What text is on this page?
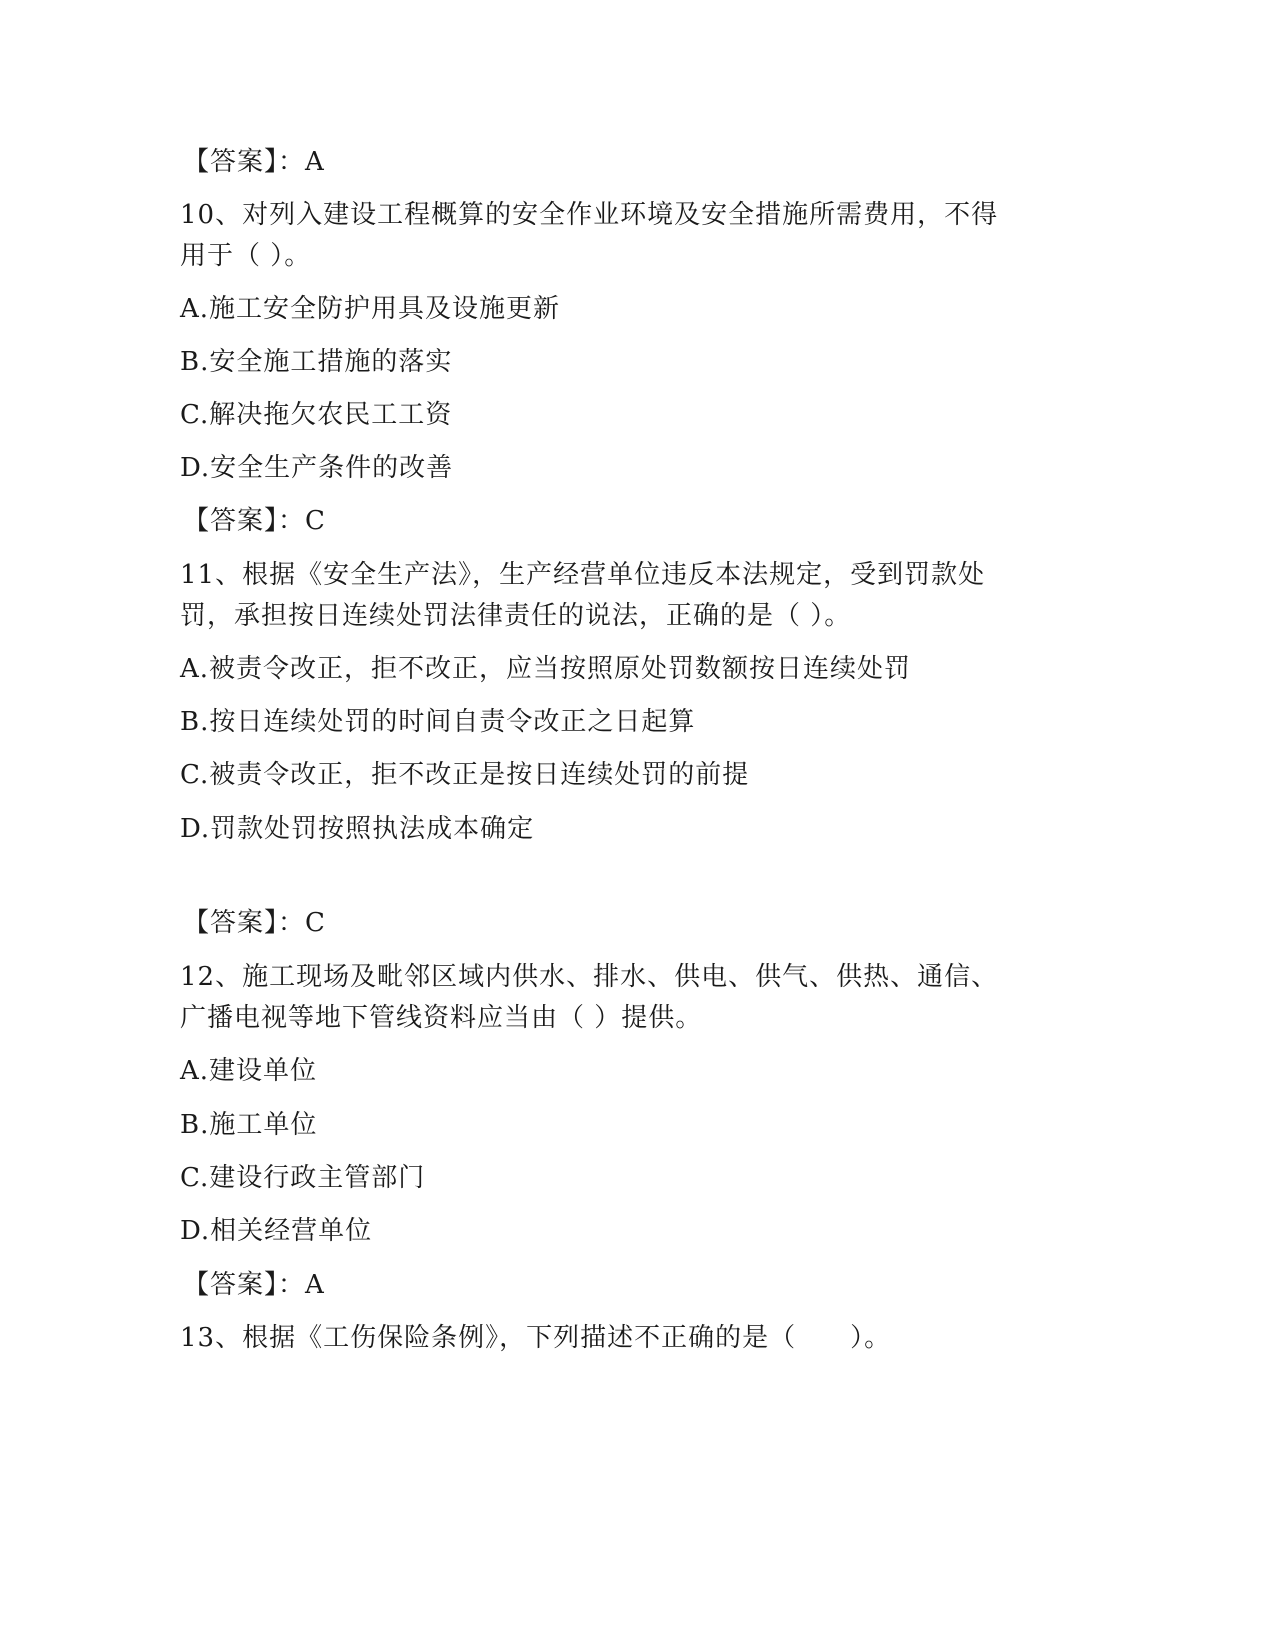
【答案】：A
10、对列入建设工程概算的安全作业环境及安全措施所需费用，不得
用于（ ）。
A.施工安全防护用具及设施更新
B.安全施工措施的落实
C.解决拖欠农民工工资
D.安全生产条件的改善
【答案】：C
11、根据《安全生产法》，生产经营单位违反本法规定，受到罚款处
罚，承担按日连续处罚法律责任的说法，正确的是（ ）。
A.被责令改正，拒不改正，应当按照原处罚数额按日连续处罚
B.按日连续处罚的时间自责令改正之日起算
C.被责令改正，拒不改正是按日连续处罚的前提
D.罚款处罚按照执法成本确定
【答案】：C
12、施工现场及毗邻区域内供水、排水、供电、供气、供热、通信、
广播电视等地下管线资料应当由（ ）提供。
A.建设单位
B.施工单位
C.建设行政主管部门
D.相关经营单位
【答案】：A
13、根据《工伤保险条例》，下列描述不正确的是（　　）。
